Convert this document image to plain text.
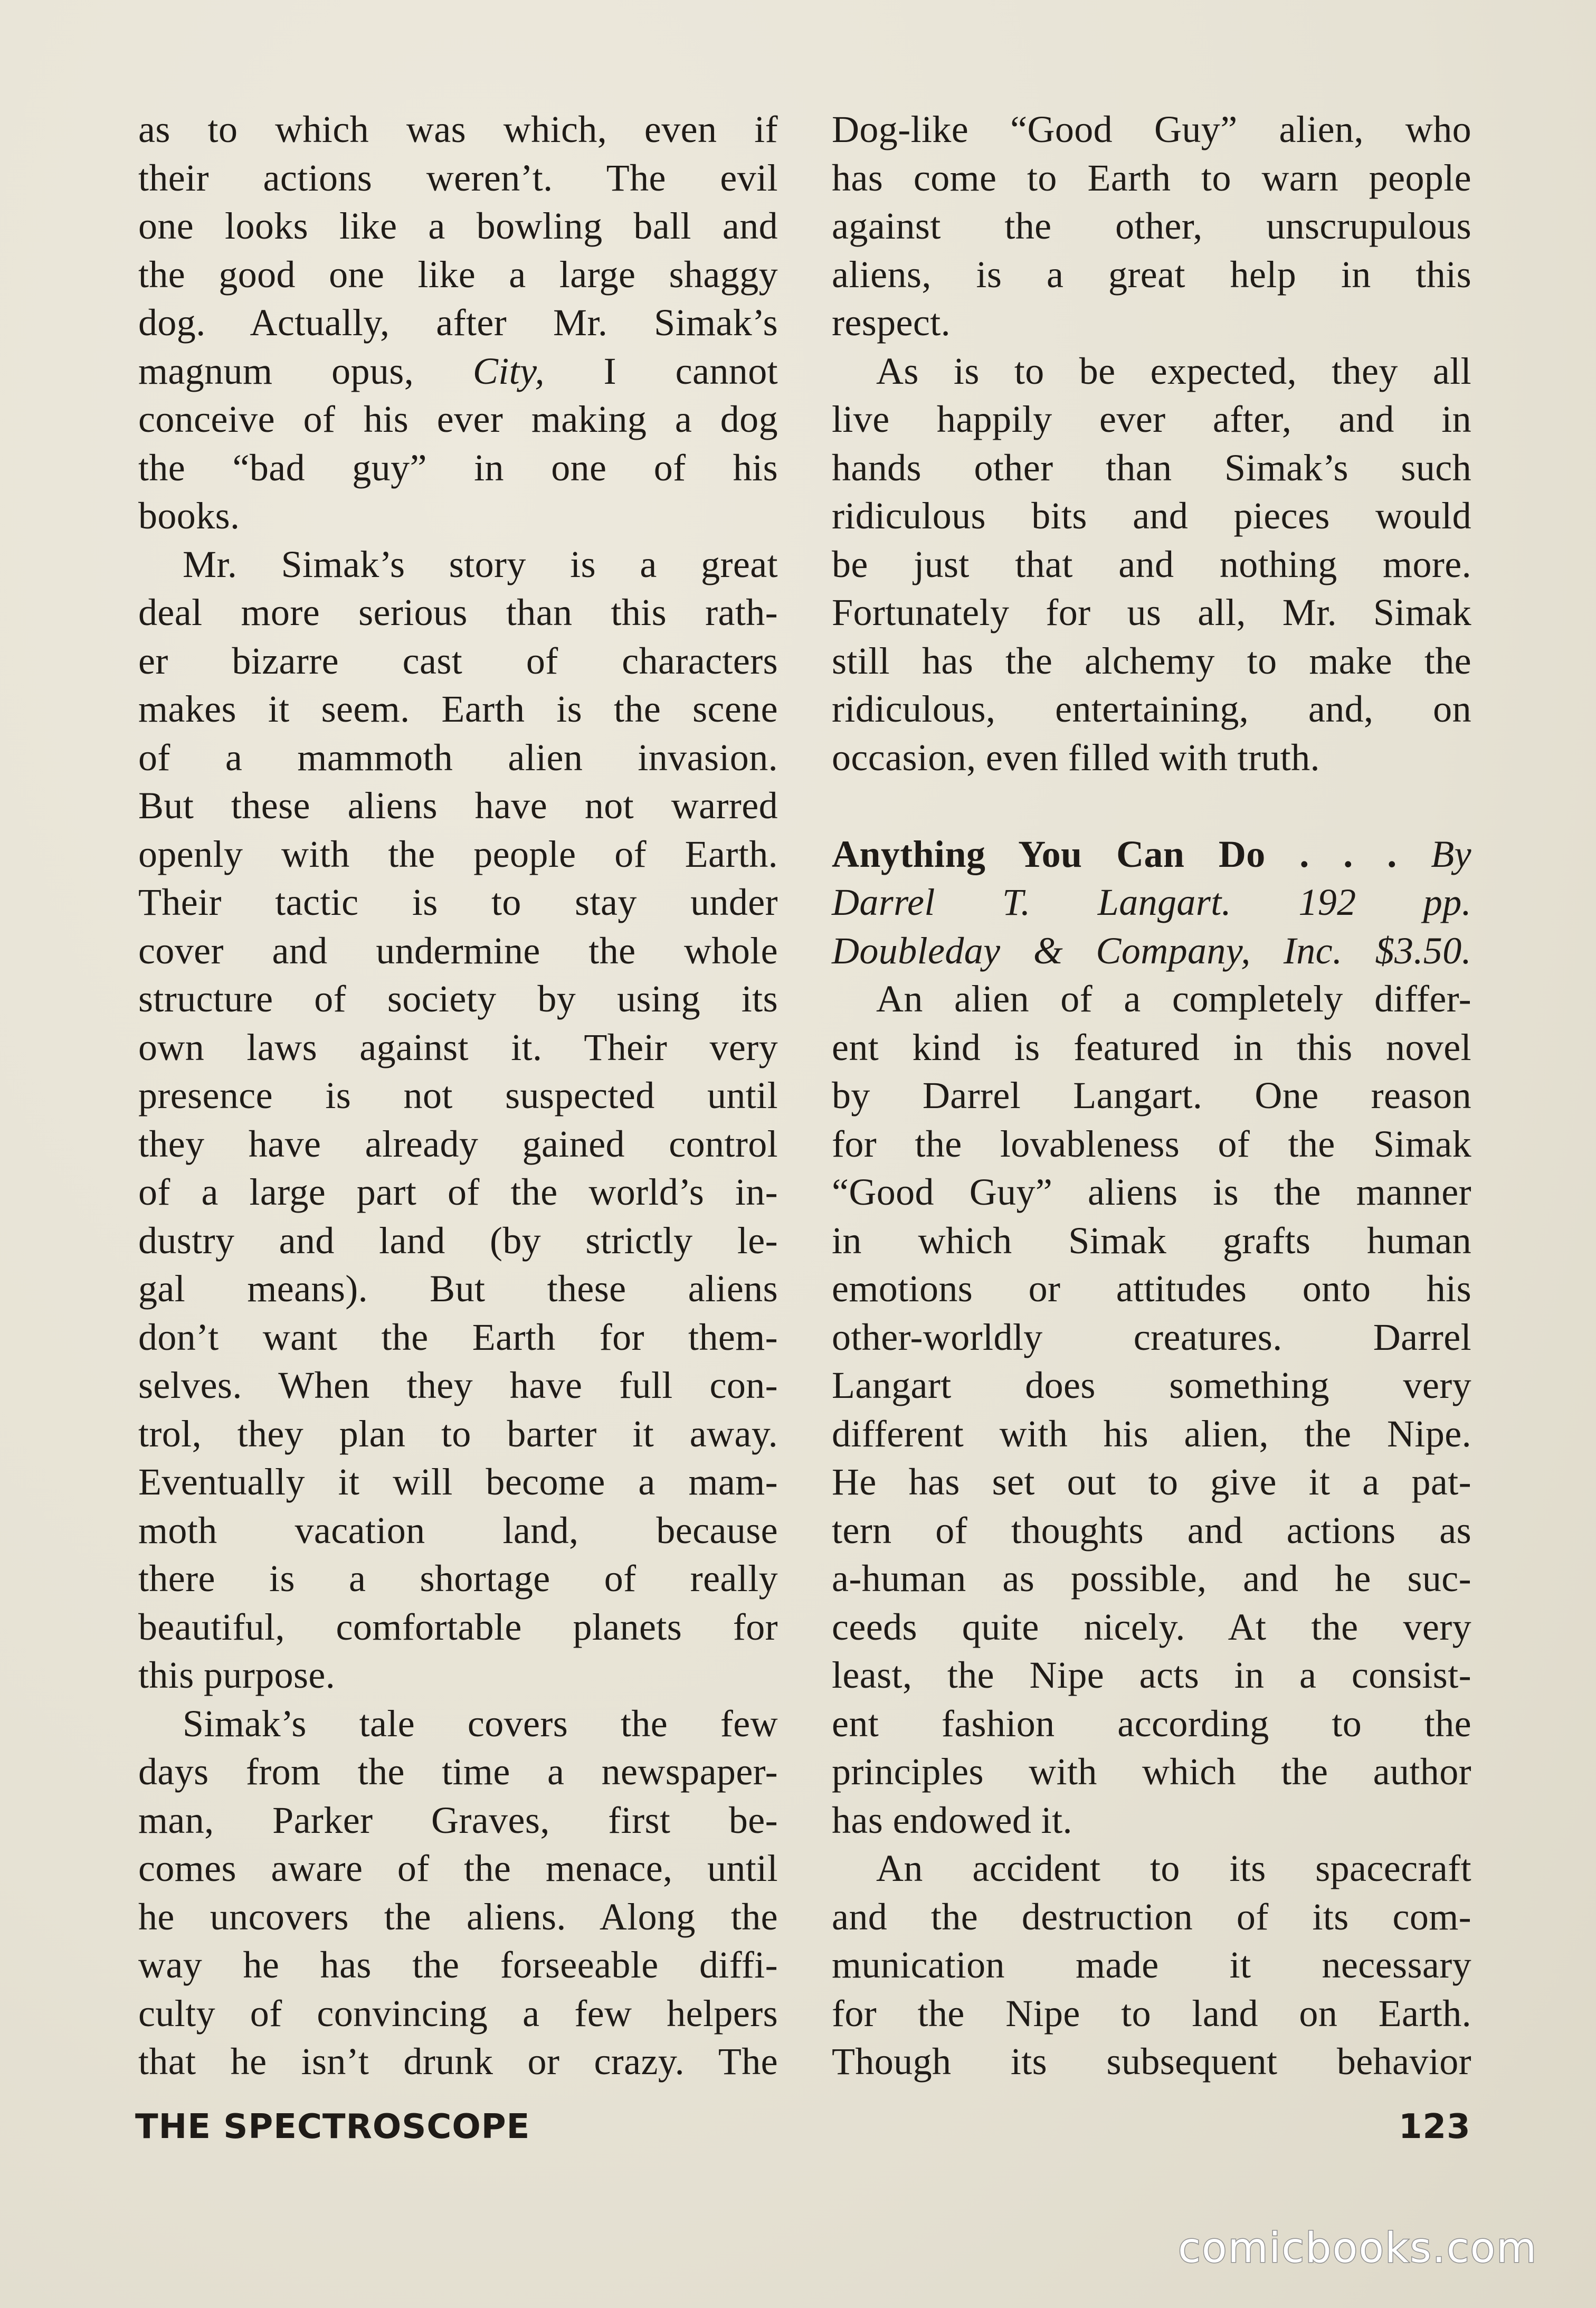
as to which was which, even if
their actions weren’t. The evil
one looks like a bowling ball and
the good one like a large shaggy
dog. Actually, after Mr. Simak’s
magnum opus, City, I cannot
conceive of his ever making a dog
the “bad guy” in one of his
books.
Mr. Simak’s story is a great
deal more serious than this rath-
er bizarre cast of characters
makes it seem. Earth is the scene
of a mammoth alien invasion.
But these aliens have not warred
openly with the people of Earth.
Their tactic is to stay under
cover and undermine the whole
structure of society by using its
own laws against it. Their very
presence is not suspected until
they have already gained control
of a large part of the world’s in-
dustry and land (by strictly le-
gal means). But these aliens
don’t want the Earth for them-
selves. When they have full con-
trol, they plan to barter it away.
Eventually it will become a mam-
moth vacation land, because
there is a shortage of really
beautiful, comfortable planets for
this purpose.
Simak’s tale covers the few
days from the time a newspaper-
man, Parker Graves, first be-
comes aware of the menace, until
he uncovers the aliens. Along the
way he has the forseeable diffi-
culty of convincing a few helpers
that he isn’t drunk or crazy. The
Dog-like “Good Guy” alien, who
has come to Earth to warn people
against the other, unscrupulous
aliens, is a great help in this
respect.
As is to be expected, they all
live happily ever after, and in
hands other than Simak’s such
ridiculous bits and pieces would
be just that and nothing more.
Fortunately for us all, Mr. Simak
still has the alchemy to make the
ridiculous, entertaining, and, on
occasion, even filled with truth.
Anything You Can Do . . . By
Darrel T. Langart. 192 pp.
Doubleday & Company, Inc. $3.50.
An alien of a completely differ-
ent kind is featured in this novel
by Darrel Langart. One reason
for the lovableness of the Simak
“Good Guy” aliens is the manner
in which Simak grafts human
emotions or attitudes onto his
other-worldly creatures. Darrel
Langart does something very
different with his alien, the Nipe.
He has set out to give it a pat-
tern of thoughts and actions as
a-human as possible, and he suc-
ceeds quite nicely. At the very
least, the Nipe acts in a consist-
ent fashion according to the
principles with which the author
has endowed it.
An accident to its spacecraft
and the destruction of its com-
munication made it necessary
for the Nipe to land on Earth.
Though its subsequent behavior
THE SPECTROSCOPE	123
comicbooks.com
